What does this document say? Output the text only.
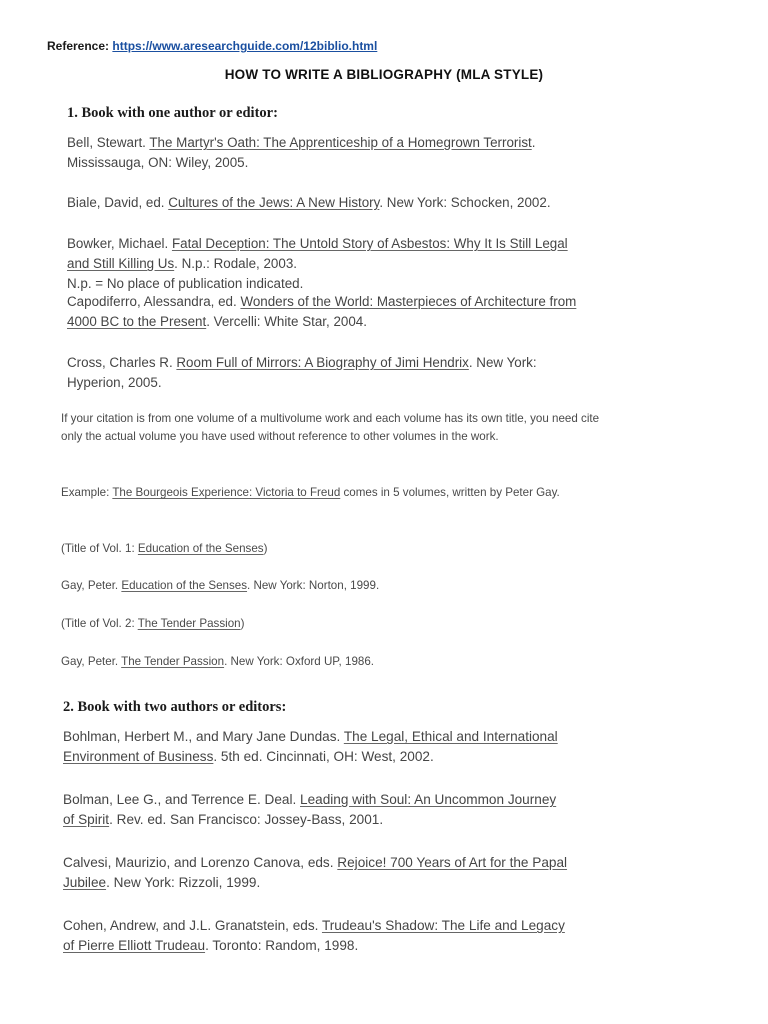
Reference: https://www.aresearchguide.com/12biblio.html
HOW TO WRITE A BIBLIOGRAPHY (MLA STYLE)
1. Book with one author or editor:
Bell, Stewart. The Martyr's Oath: The Apprenticeship of a Homegrown Terrorist.
Mississauga, ON: Wiley, 2005.
Biale, David, ed. Cultures of the Jews: A New History. New York: Schocken, 2002.
Bowker, Michael. Fatal Deception: The Untold Story of Asbestos: Why It Is Still Legal
and Still Killing Us. N.p.: Rodale, 2003.
N.p. = No place of publication indicated.
Capodiferro, Alessandra, ed. Wonders of the World: Masterpieces of Architecture from
4000 BC to the Present. Vercelli: White Star, 2004.
Cross, Charles R. Room Full of Mirrors: A Biography of Jimi Hendrix. New York:
Hyperion, 2005.
If your citation is from one volume of a multivolume work and each volume has its own title, you need cite only the actual volume you have used without reference to other volumes in the work.
Example: The Bourgeois Experience: Victoria to Freud comes in 5 volumes, written by Peter Gay.
(Title of Vol. 1: Education of the Senses)
Gay, Peter. Education of the Senses. New York: Norton, 1999.
(Title of Vol. 2: The Tender Passion)
Gay, Peter. The Tender Passion. New York: Oxford UP, 1986.
2. Book with two authors or editors:
Bohlman, Herbert M., and Mary Jane Dundas. The Legal, Ethical and International
Environment of Business. 5th ed. Cincinnati, OH: West, 2002.
Bolman, Lee G., and Terrence E. Deal. Leading with Soul: An Uncommon Journey
of Spirit. Rev. ed. San Francisco: Jossey-Bass, 2001.
Calvesi, Maurizio, and Lorenzo Canova, eds. Rejoice! 700 Years of Art for the Papal
Jubilee. New York: Rizzoli, 1999.
Cohen, Andrew, and J.L. Granatstein, eds. Trudeau's Shadow: The Life and Legacy
of Pierre Elliott Trudeau. Toronto: Random, 1998.
